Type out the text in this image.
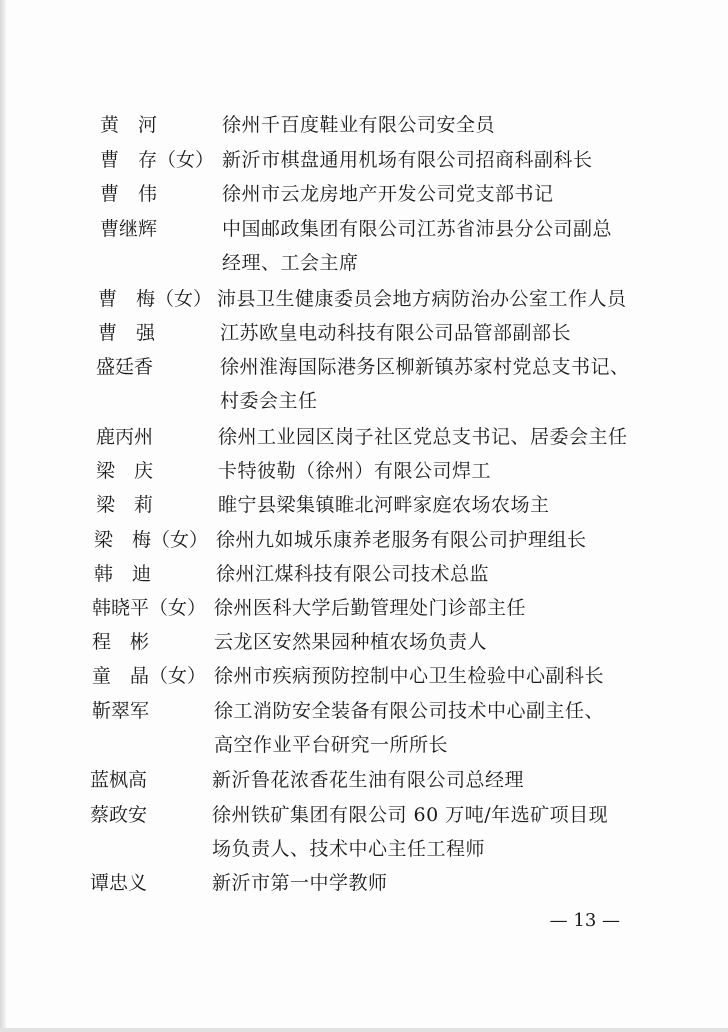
黄　河	徐州千百度鞋业有限公司安全员
曹　存（女） 新沂市棋盘通用机场有限公司招商科副科长
曹　伟	徐州市云龙房地产开发公司党支部书记
曹继辉	中国邮政集团有限公司江苏省沛县分公司副总
经理、工会主席
曹　梅（女） 沛县卫生健康委员会地方病防治办公室工作人员
曹　强	江苏欧皇电动科技有限公司品管部副部长
盛廷香	徐州淮海国际港务区柳新镇苏家村党总支书记、
村委会主任
鹿丙州	徐州工业园区岗子社区党总支书记、居委会主任
梁　庆	卡特彼勒（徐州）有限公司焊工
梁　莉	睢宁县梁集镇睢北河畔家庭农场农场主
梁　梅（女） 徐州九如城乐康养老服务有限公司护理组长
韩　迪	徐州江煤科技有限公司技术总监
韩晓平（女） 徐州医科大学后勤管理处门诊部主任
程　彬	云龙区安然果园种植农场负责人
童　晶（女） 徐州市疾病预防控制中心卫生检验中心副科长
靳翠军	徐工消防安全装备有限公司技术中心副主任、
高空作业平台研究一所所长
蓝枫高	新沂鲁花浓香花生油有限公司总经理
蔡政安	徐州铁矿集团有限公司 60 万吨/年选矿项目现
场负责人、技术中心主任工程师
谭忠义	新沂市第一中学教师
— 13 —
